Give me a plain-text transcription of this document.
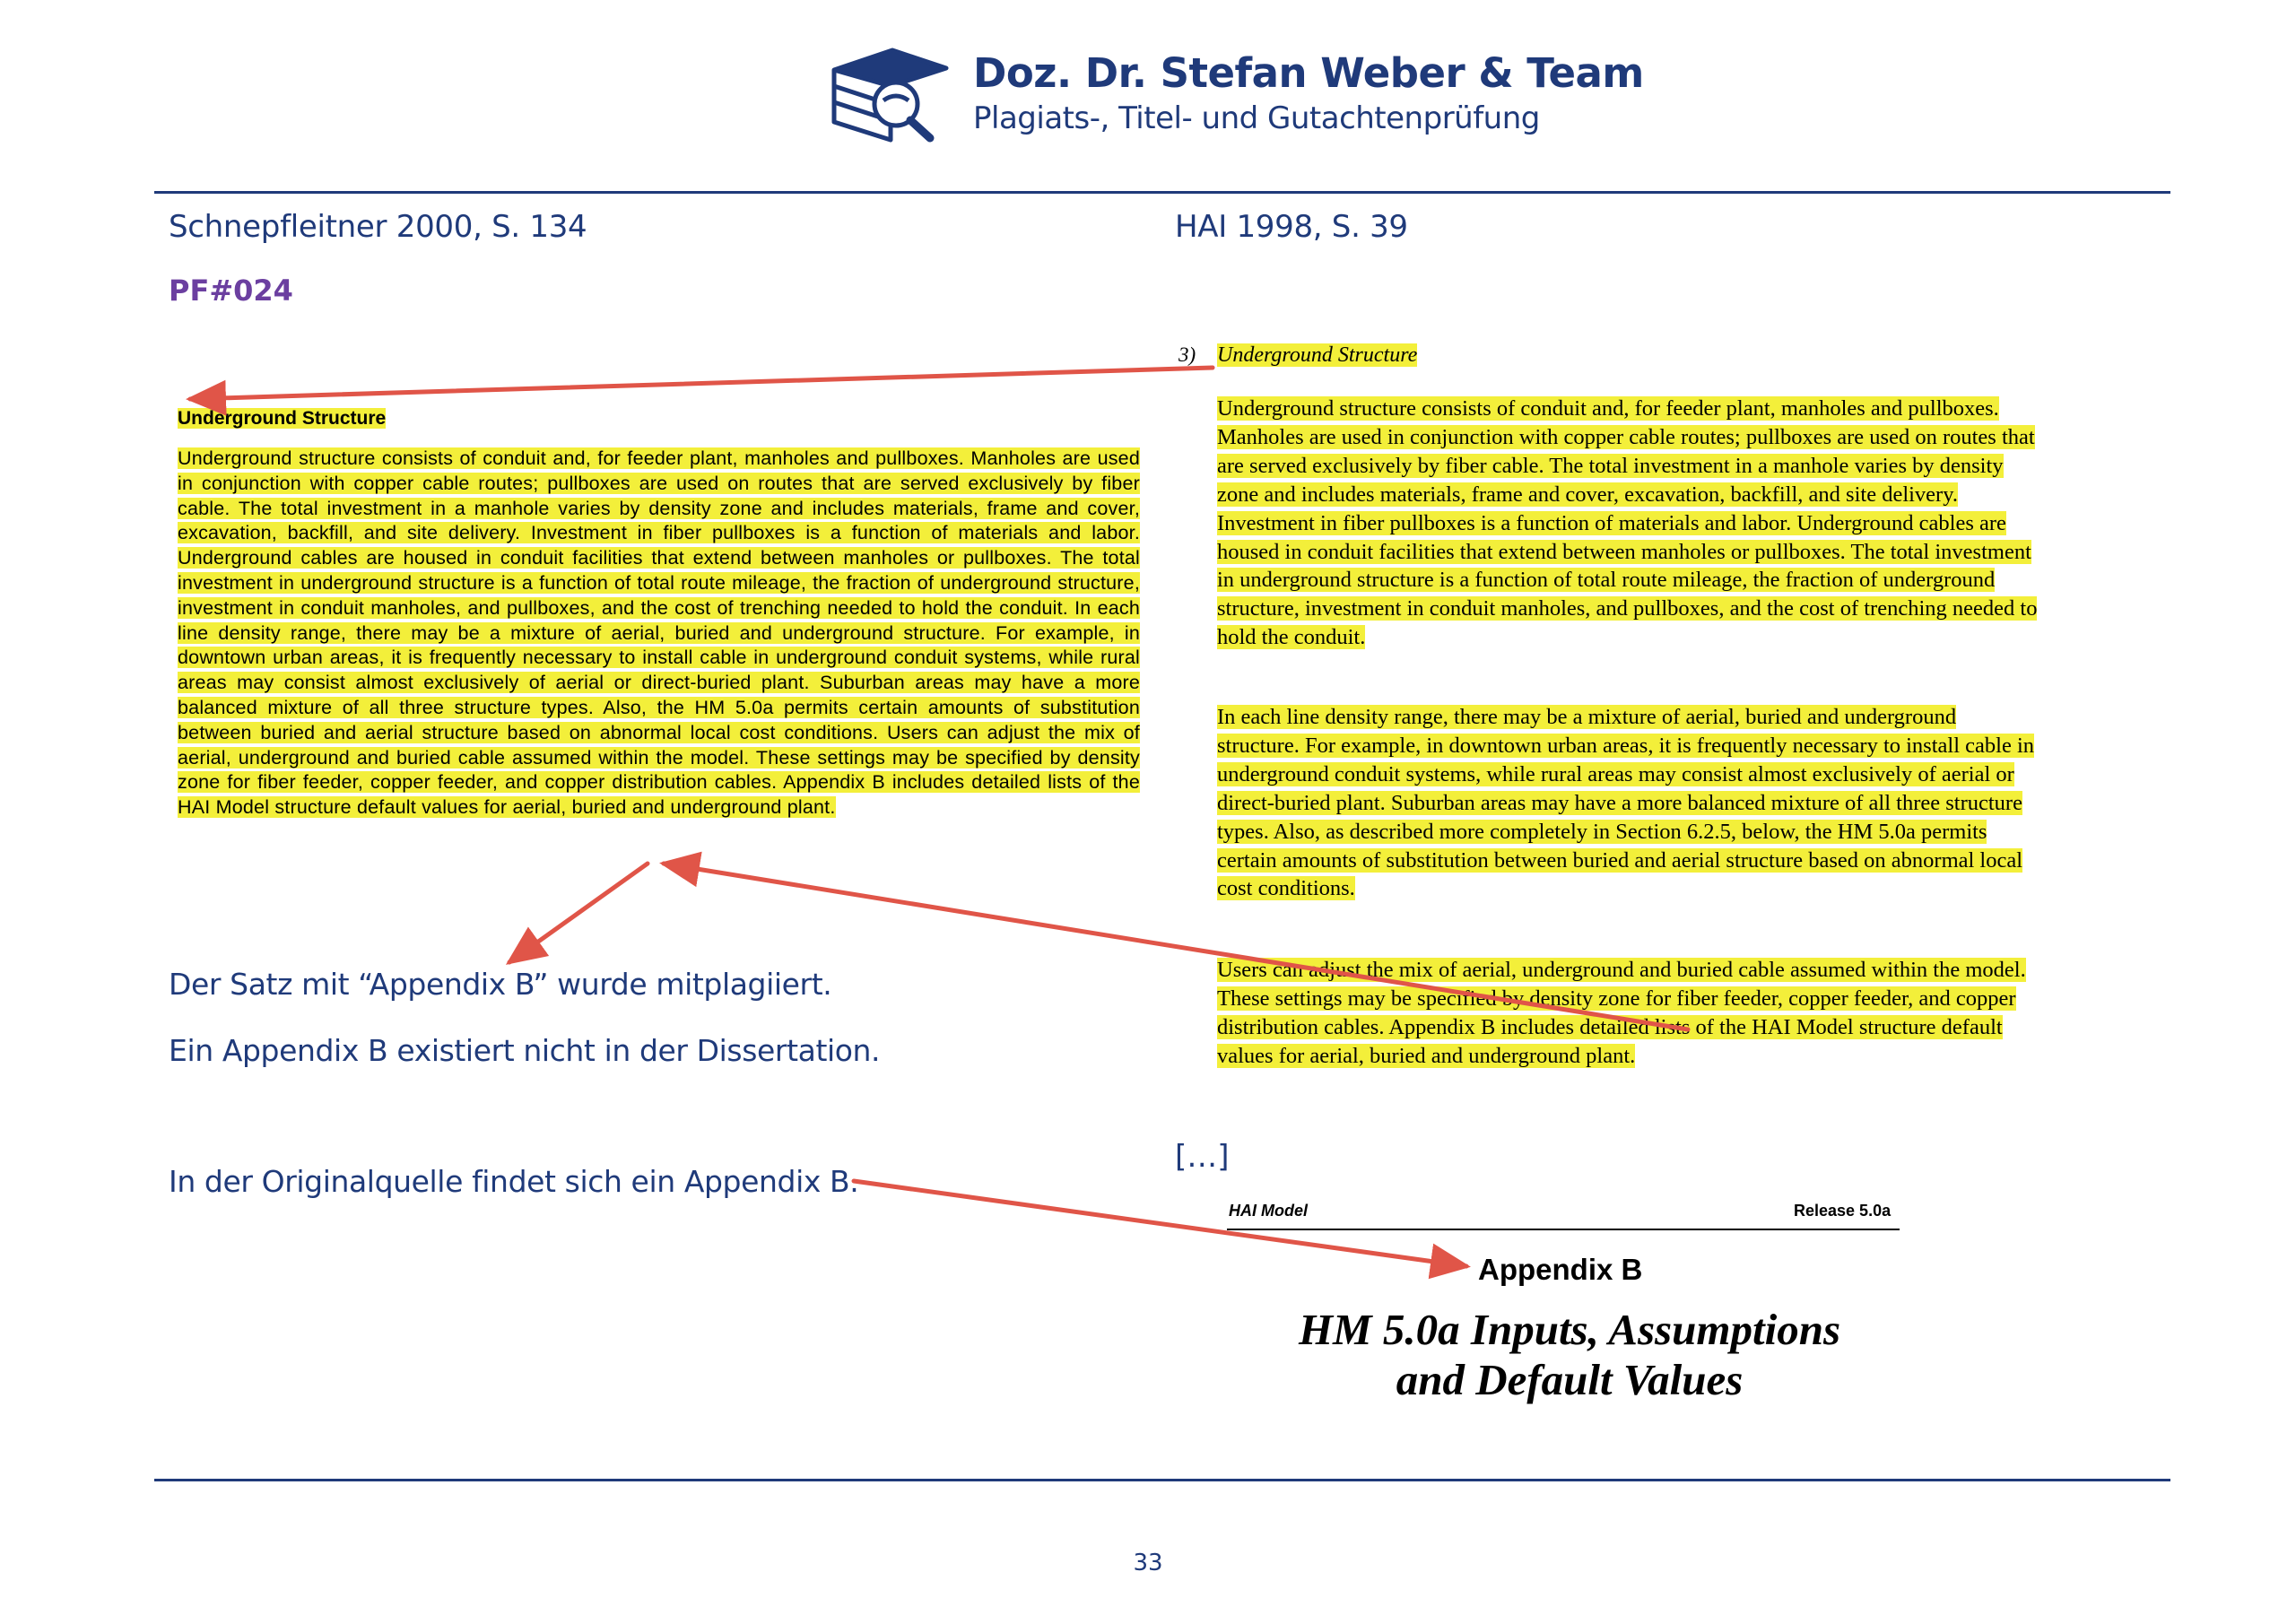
Doz. Dr. Stefan Weber & Team
Plagiats-, Titel- und Gutachtenprüfung
Schnepfleitner 2000, S. 134	HAI 1998, S. 39
PF#024
Underground Structure
Underground structure consists of conduit and, for feeder plant, manholes and pullboxes. Manholes are used in conjunction with copper cable routes; pullboxes are used on routes that are served exclusively by fiber cable. The total investment in a manhole varies by density zone and includes materials, frame and cover, excavation, backfill, and site delivery. Investment in fiber pullboxes is a function of materials and labor. Underground cables are housed in conduit facilities that extend between manholes or pullboxes. The total investment in underground structure is a function of total route mileage, the fraction of underground structure, investment in conduit manholes, and pullboxes, and the cost of trenching needed to hold the conduit. In each line density range, there may be a mixture of aerial, buried and underground structure. For example, in downtown urban areas, it is frequently necessary to install cable in underground conduit systems, while rural areas may consist almost exclusively of aerial or direct-buried plant. Suburban areas may have a more balanced mixture of all three structure types. Also, the HM 5.0a permits certain amounts of substitution between buried and aerial structure based on abnormal local cost conditions. Users can adjust the mix of aerial, underground and buried cable assumed within the model. These settings may be specified by density zone for fiber feeder, copper feeder, and copper distribution cables. Appendix B includes detailed lists of the HAI Model structure default values for aerial, buried and underground plant.
3) Underground Structure
Underground structure consists of conduit and, for feeder plant, manholes and pullboxes. Manholes are used in conjunction with copper cable routes; pullboxes are used on routes that are served exclusively by fiber cable. The total investment in a manhole varies by density zone and includes materials, frame and cover, excavation, backfill, and site delivery. Investment in fiber pullboxes is a function of materials and labor. Underground cables are housed in conduit facilities that extend between manholes or pullboxes. The total investment in underground structure is a function of total route mileage, the fraction of underground structure, investment in conduit manholes, and pullboxes, and the cost of trenching needed to hold the conduit.
In each line density range, there may be a mixture of aerial, buried and underground structure. For example, in downtown urban areas, it is frequently necessary to install cable in underground conduit systems, while rural areas may consist almost exclusively of aerial or direct-buried plant. Suburban areas may have a more balanced mixture of all three structure types. Also, as described more completely in Section 6.2.5, below, the HM 5.0a permits certain amounts of substitution between buried and aerial structure based on abnormal local cost conditions.
Users can adjust the mix of aerial, underground and buried cable assumed within the model. These settings may be specified by density zone for fiber feeder, copper feeder, and copper distribution cables. Appendix B includes detailed lists of the HAI Model structure default values for aerial, buried and underground plant.
[…]
Der Satz mit “Appendix B” wurde mitplagiiert.
Ein Appendix B existiert nicht in der Dissertation.
In der Originalquelle findet sich ein Appendix B.
HAI Model	Release 5.0a
Appendix B
HM 5.0a Inputs, Assumptions
and Default Values
33
